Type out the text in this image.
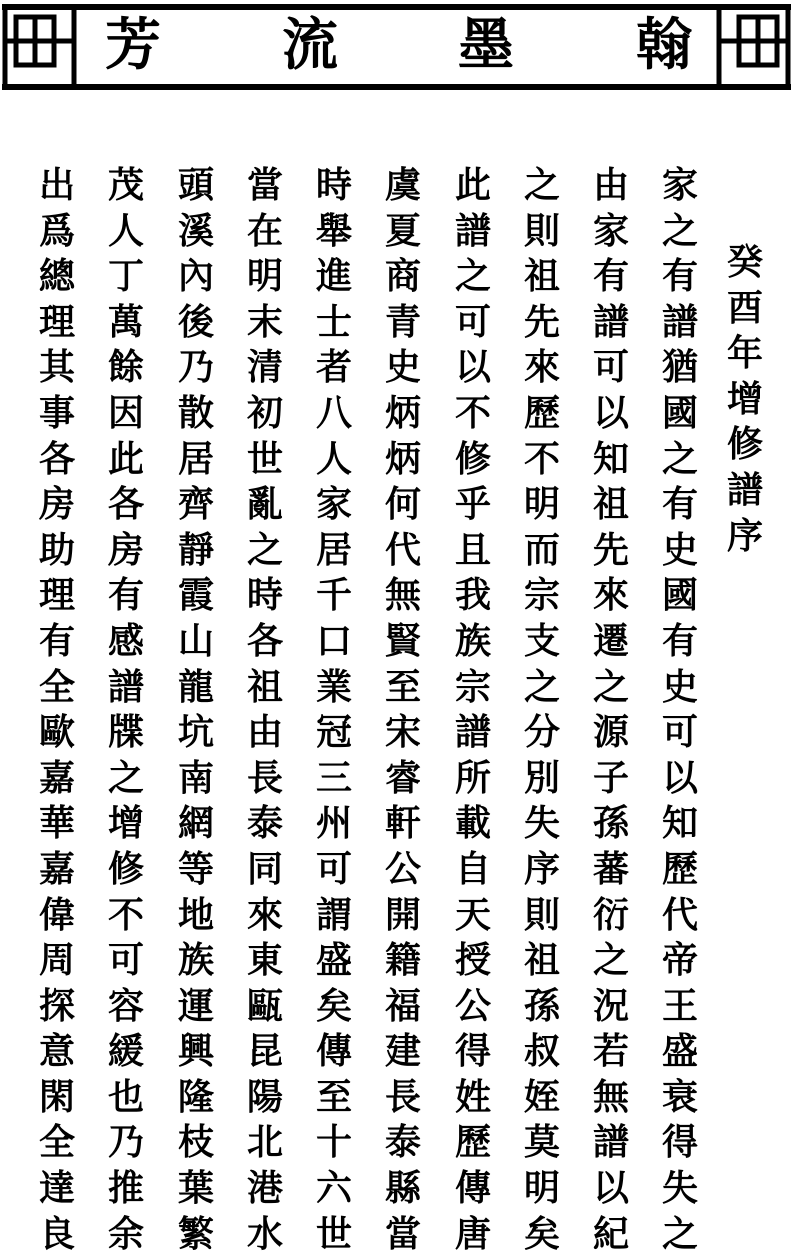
芳 流 墨 翰
癸
酉
年
增
修
譜
序
家
之
有
譜
猶
國
之
有
史
國
有
史
可
以
知
歷
代
帝
王
盛
衰
得
失
之
由
家
有
譜
可
以
知
祖
先
來
遷
之
源
子
孫
蕃
衍
之
況
若
無
譜
以
紀
之
則
祖
先
來
歷
不
明
而
宗
支
之
分
別
失
序
則
祖
孫
叔
姪
莫
明
矣
此
譜
之
可
以
不
修
乎
且
我
族
宗
譜
所
載
自
天
授
公
得
姓
歷
傳
唐
虞
夏
商
青
史
炳
炳
何
代
無
賢
至
宋
睿
軒
公
開
籍
福
建
長
泰
縣
當
時
舉
進
士
者
八
人
家
居
千
口
業
冠
三
州
可
謂
盛
矣
傳
至
十
六
世
當
在
明
末
清
初
世
亂
之
時
各
祖
由
長
泰
同
來
東
甌
昆
陽
北
港
水
頭
溪
內
後
乃
散
居
齊
靜
霞
山
龍
坑
南
網
等
地
族
運
興
隆
枝
葉
繁
茂
人
丁
萬
餘
因
此
各
房
有
感
譜
牒
之
增
修
不
可
容
緩
也
乃
推
余
出
爲
總
理
其
事
各
房
助
理
有
全
歐
嘉
華
嘉
偉
周
探
意
閑
全
達
良
